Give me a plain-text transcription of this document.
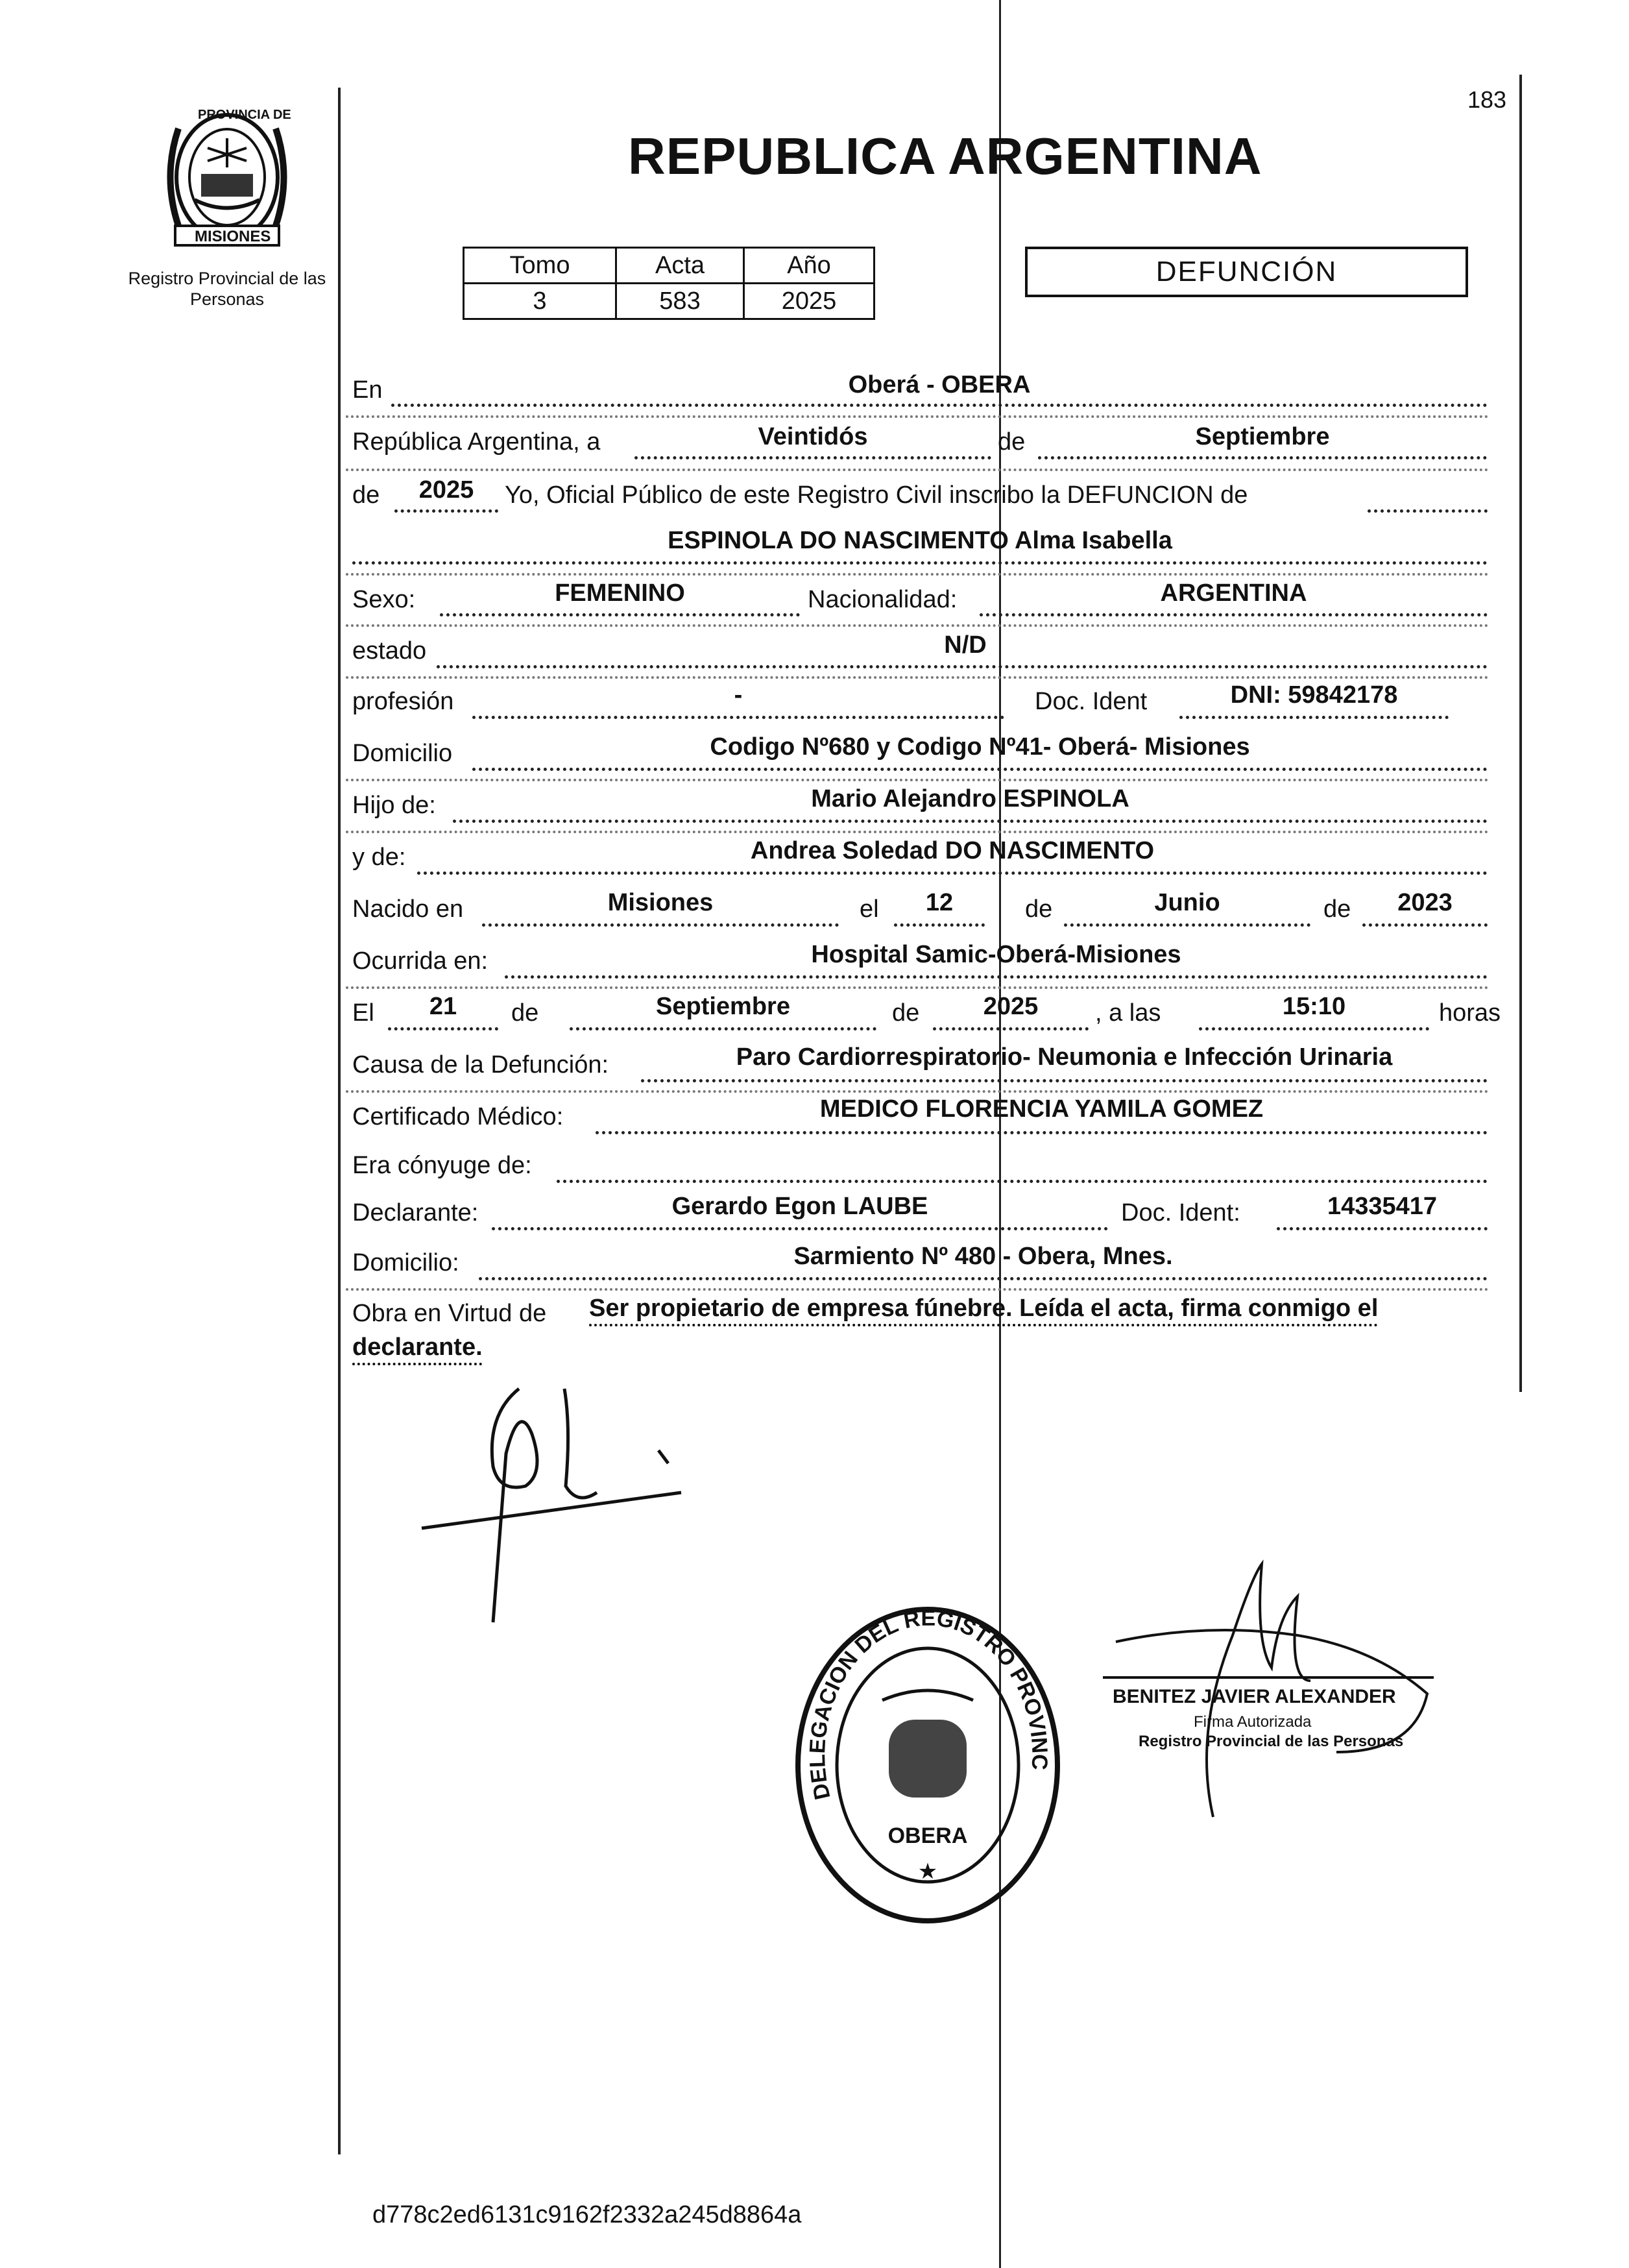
183
PROVINCIA DE
MISIONES
Registro Provincial de las Personas
REPUBLICA ARGENTINA
Tomo	Acta	Año
3	583	2025
DEFUNCIÓN
En	Oberá - OBERA
República Argentina, a	Veintidós	de	Septiembre
de	2025	Yo, Oficial Público de este Registro Civil inscribo la DEFUNCION de
ESPINOLA DO NASCIMENTO Alma Isabella
Sexo:	FEMENINO	Nacionalidad:	ARGENTINA
estado	N/D
profesión	-	Doc. Ident	DNI: 59842178
Domicilio	Codigo Nº680 y Codigo Nº41- Oberá- Misiones
Hijo de:	Mario Alejandro ESPINOLA
y de:	Andrea Soledad DO NASCIMENTO
Nacido en	Misiones	el	12	de	Junio	de	2023
Ocurrida en:	Hospital Samic-Oberá-Misiones
El	21	de	Septiembre	de	2025	, a las	15:10	horas
Causa de la Defunción:	Paro Cardiorrespiratorio- Neumonia e Infección Urinaria
Certificado Médico:	MEDICO FLORENCIA YAMILA GOMEZ
Era cónyuge de:
Declarante:	Gerardo Egon LAUBE	Doc. Ident:	14335417
Domicilio:	Sarmiento Nº 480 - Obera, Mnes.
Obra en Virtud de Ser propietario de empresa fúnebre. Leída el acta, firma conmigo el
declarante.
DELEGACION DEL REGISTRO PROVINC
OBERA
★
BENITEZ JAVIER ALEXANDER
Firma Autorizada
Registro Provincial de las Personas
d778c2ed6131c9162f2332a245d8864a
